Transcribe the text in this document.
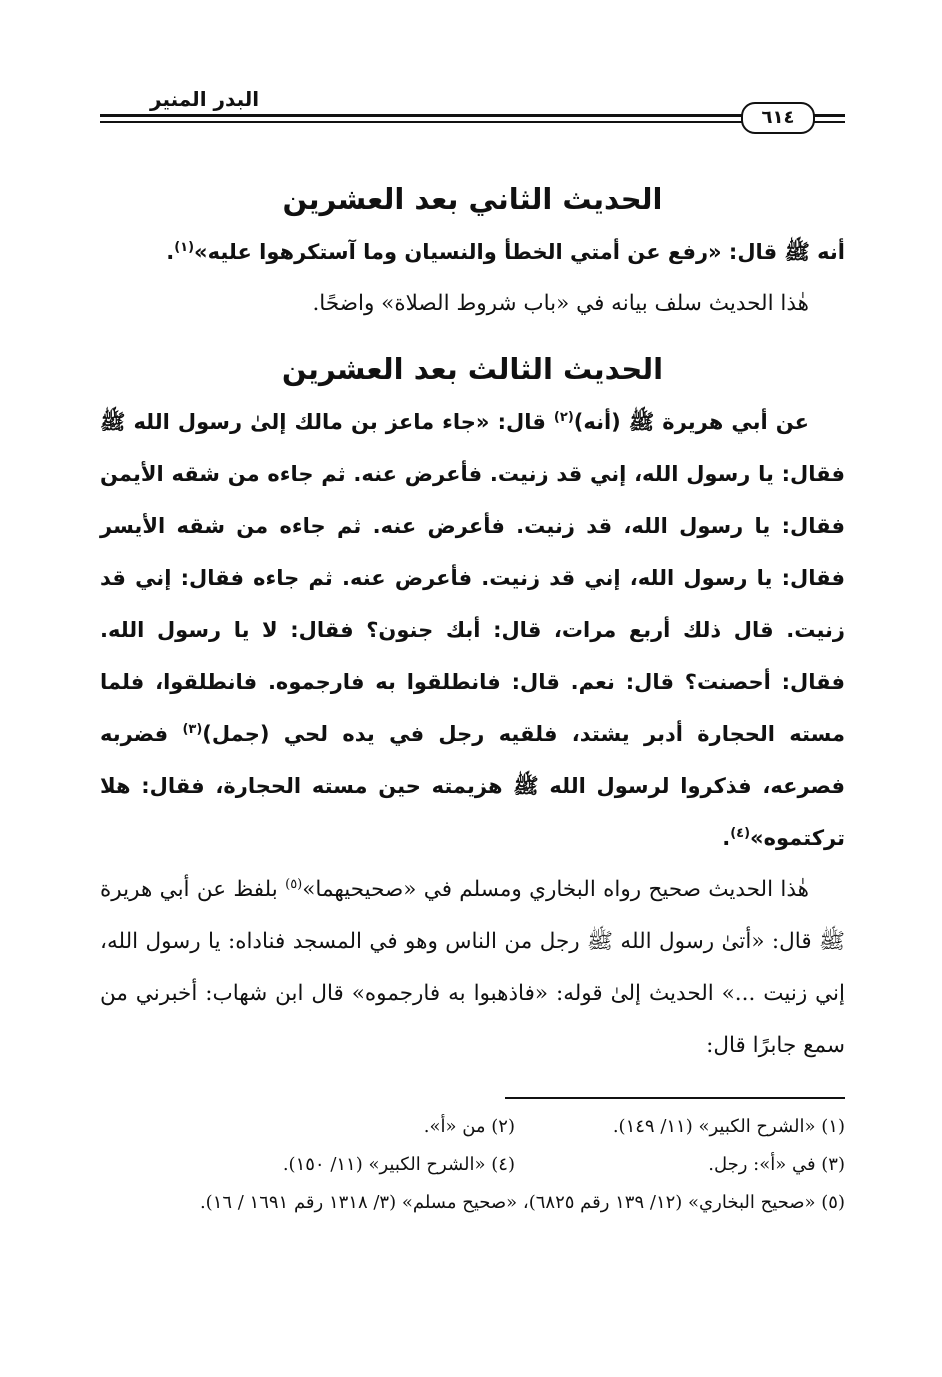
البدر المنير
٦١٤
الحديث الثاني بعد العشرين

أنه ﷺ قال: «رفع عن أمتي الخطأ والنسيان وما آستكرهوا عليه»$^{(١)}$.

هٰذا الحديث سلف بيانه في «باب شروط الصلاة» واضحًا.

الحديث الثالث بعد العشرين

عن أبي هريرة ﷺ (أنه)$^{(٢)}$ قال: «جاء ماعز بن مالك إلىٰ رسول الله ﷺ فقال: يا رسول الله، إني قد زنيت. فأعرض عنه. ثم جاءه من شقه الأيمن فقال: يا رسول الله، قد زنيت. فأعرض عنه. ثم جاءه من شقه الأيسر فقال: يا رسول الله، إني قد زنيت. فأعرض عنه. ثم جاءه فقال: إني قد زنيت. قال ذلك أربع مرات، قال: أبك جنون؟ فقال: لا يا رسول الله. فقال: أحصنت؟ قال: نعم. قال: فانطلقوا به فارجموه. فانطلقوا، فلما مسته الحجارة أدبر يشتد، فلقيه رجل في يده لحي (جمل)$^{(٣)}$ فضربه فصرعه، فذكروا لرسول الله ﷺ هزيمته حين مسته الحجارة، فقال: هلا تركتموه»$^{(٤)}$.

هٰذا الحديث صحيح رواه البخاري ومسلم في «صحيحيهما»$^{(٥)}$ بلفظ عن أبي هريرة ﷺ قال: «أتىٰ رسول الله ﷺ رجل من الناس وهو في المسجد فناداه: يا رسول الله، إني زنيت ...» الحديث إلىٰ قوله: «فاذهبوا به فارجموه» قال ابن شهاب: أخبرني من سمع جابرًا قال:

(١) «الشرح الكبير» (١١/ ١٤٩).
(٢) من «أ».
(٣) في «أ»: رجل.
(٤) «الشرح الكبير» (١١/ ١٥٠).
(٥) «صحيح البخاري» (١٢/ ١٣٩ رقم ٦٨٢٥)، «صحيح مسلم» (٣/ ١٣١٨ رقم ١٦٩١ / ١٦).
